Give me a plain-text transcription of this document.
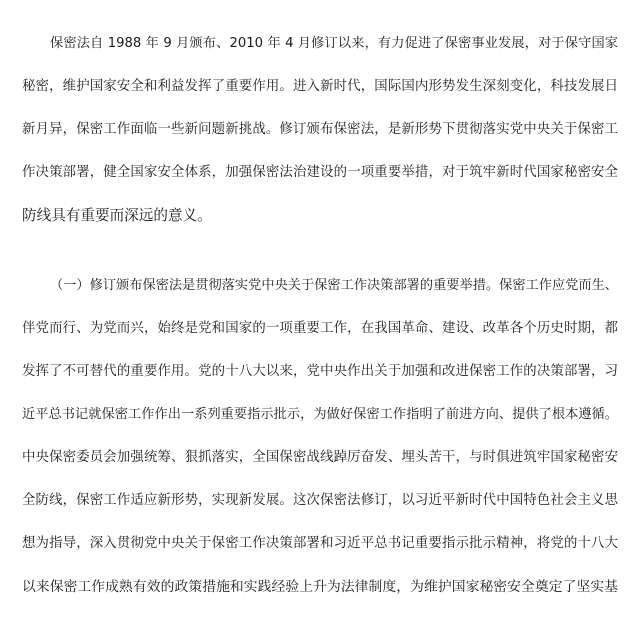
保密法自 1988 年 9 月颁布、2010 年 4 月修订以来，有力促进了保密事业发展，对于保守国家
秘密，维护国家安全和利益发挥了重要作用。进入新时代，国际国内形势发生深刻变化，科技发展日
新月异，保密工作面临一些新问题新挑战。修订颁布保密法，是新形势下贯彻落实党中央关于保密工
作决策部署，健全国家安全体系，加强保密法治建设的一项重要举措，对于筑牢新时代国家秘密安全
防线具有重要而深远的意义。
（一）修订颁布保密法是贯彻落实党中央关于保密工作决策部署的重要举措。保密工作应党而生、
伴党而行、为党而兴，始终是党和国家的一项重要工作，在我国革命、建设、改革各个历史时期，都
发挥了不可替代的重要作用。党的十八大以来，党中央作出关于加强和改进保密工作的决策部署，习
近平总书记就保密工作作出一系列重要指示批示，为做好保密工作指明了前进方向、提供了根本遵循。
中央保密委员会加强统筹、狠抓落实，全国保密战线踔厉奋发、埋头苦干，与时俱进筑牢国家秘密安
全防线，保密工作适应新形势，实现新发展。这次保密法修订，以习近平新时代中国特色社会主义思
想为指导，深入贯彻党中央关于保密工作决策部署和习近平总书记重要指示批示精神，将党的十八大
以来保密工作成熟有效的政策措施和实践经验上升为法律制度，为维护国家秘密安全奠定了坚实基
